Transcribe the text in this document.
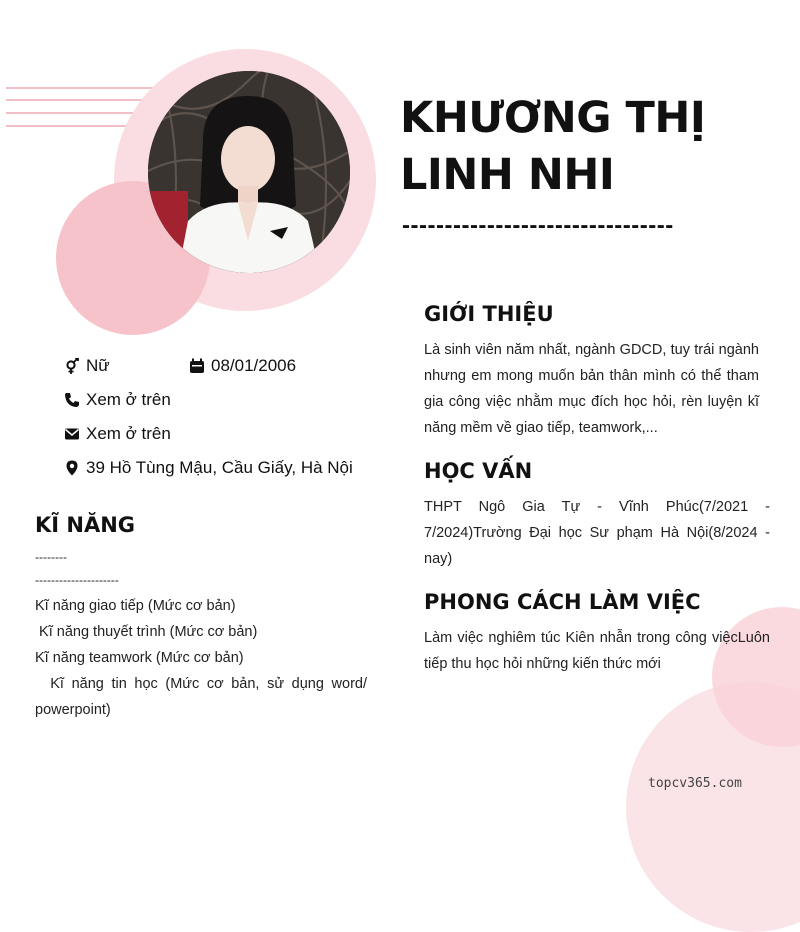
KHƯƠNG THỊ
LINH NHI
--------------------------------
Nữ	08/01/2006
Xem ở trên
Xem ở trên
39 Hồ Tùng Mậu, Cầu Giấy, Hà Nội
KĨ NĂNG
--------
---------------------
Kĩ năng giao tiếp (Mức cơ bản)
Kĩ năng thuyết trình (Mức cơ bản)
Kĩ năng teamwork (Mức cơ bản)
Kĩ năng tin học (Mức cơ bản, sử dụng word/
powerpoint)
GIỚI THIỆU
Là sinh viên năm nhất, ngành GDCD, tuy trái ngành nhưng em mong muốn bản thân mình có thể tham gia công việc nhằm mục đích học hỏi, rèn luyện kĩ năng mềm về giao tiếp, teamwork,...
HỌC VẤN
THPT Ngô Gia Tự - Vĩnh Phúc(7/2021 - 7/2024)Trường Đại học Sư phạm Hà Nội(8/2024 - nay)
PHONG CÁCH LÀM VIỆC
Làm việc nghiêm túc Kiên nhẫn trong công việcLuôn tiếp thu học hỏi những kiến thức mới
topcv365.com
